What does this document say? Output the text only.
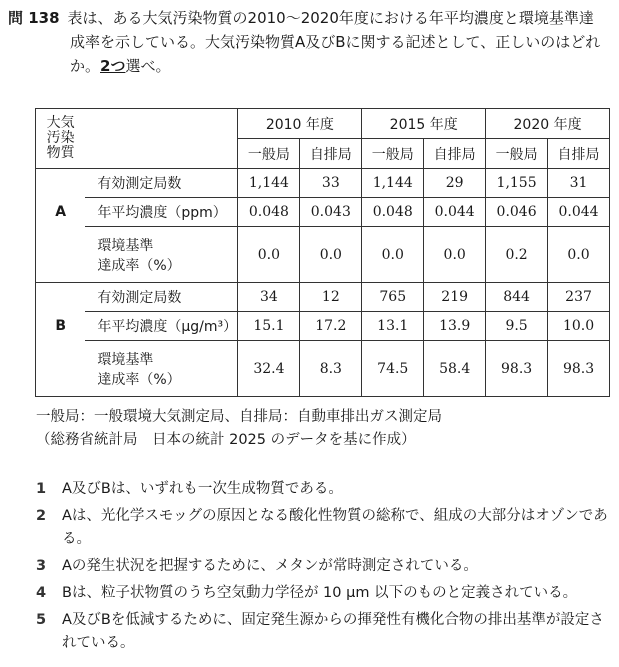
問 138 表は、ある大気汚染物質の2010～2020年度における年平均濃度と環境基準達
成率を示している。大気汚染物質A及びBに関する記述として、正しいのはどれ
か。2つ選べ。
大気
汚染
物質		2010 年度		2015 年度		2020 年度	
		一般局	自排局	一般局	自排局	一般局	自排局
	有効測定局数	1,144	33	1,144	29	1,155	31
A	年平均濃度（ppm）	0.048	0.043	0.048	0.044	0.046	0.044

	環境基準
達成率（%）	0.0	0.0	0.0	0.0	0.2	0.0
	有効測定局数	34	12	765	219	844	237
B	年平均濃度（μg/m³）	15.1	17.2	13.1	13.9	9.5	10.0

	環境基準
達成率（%）	32.4	8.3	74.5	58.4	98.3	98.3
一般局：一般環境大気測定局、自排局：自動車排出ガス測定局
（総務省統計局　日本の統計 2025 のデータを基に作成）
1	A及びBは、いずれも一次生成物質である。
2	Aは、光化学スモッグの原因となる酸化性物質の総称で、組成の大部分はオゾンである。
3	Aの発生状況を把握するために、メタンが常時測定されている。
4	Bは、粒子状物質のうち空気動力学径が 10 μm 以下のものと定義されている。
5	A及びBを低減するために、固定発生源からの揮発性有機化合物の排出基準が設定されている。
